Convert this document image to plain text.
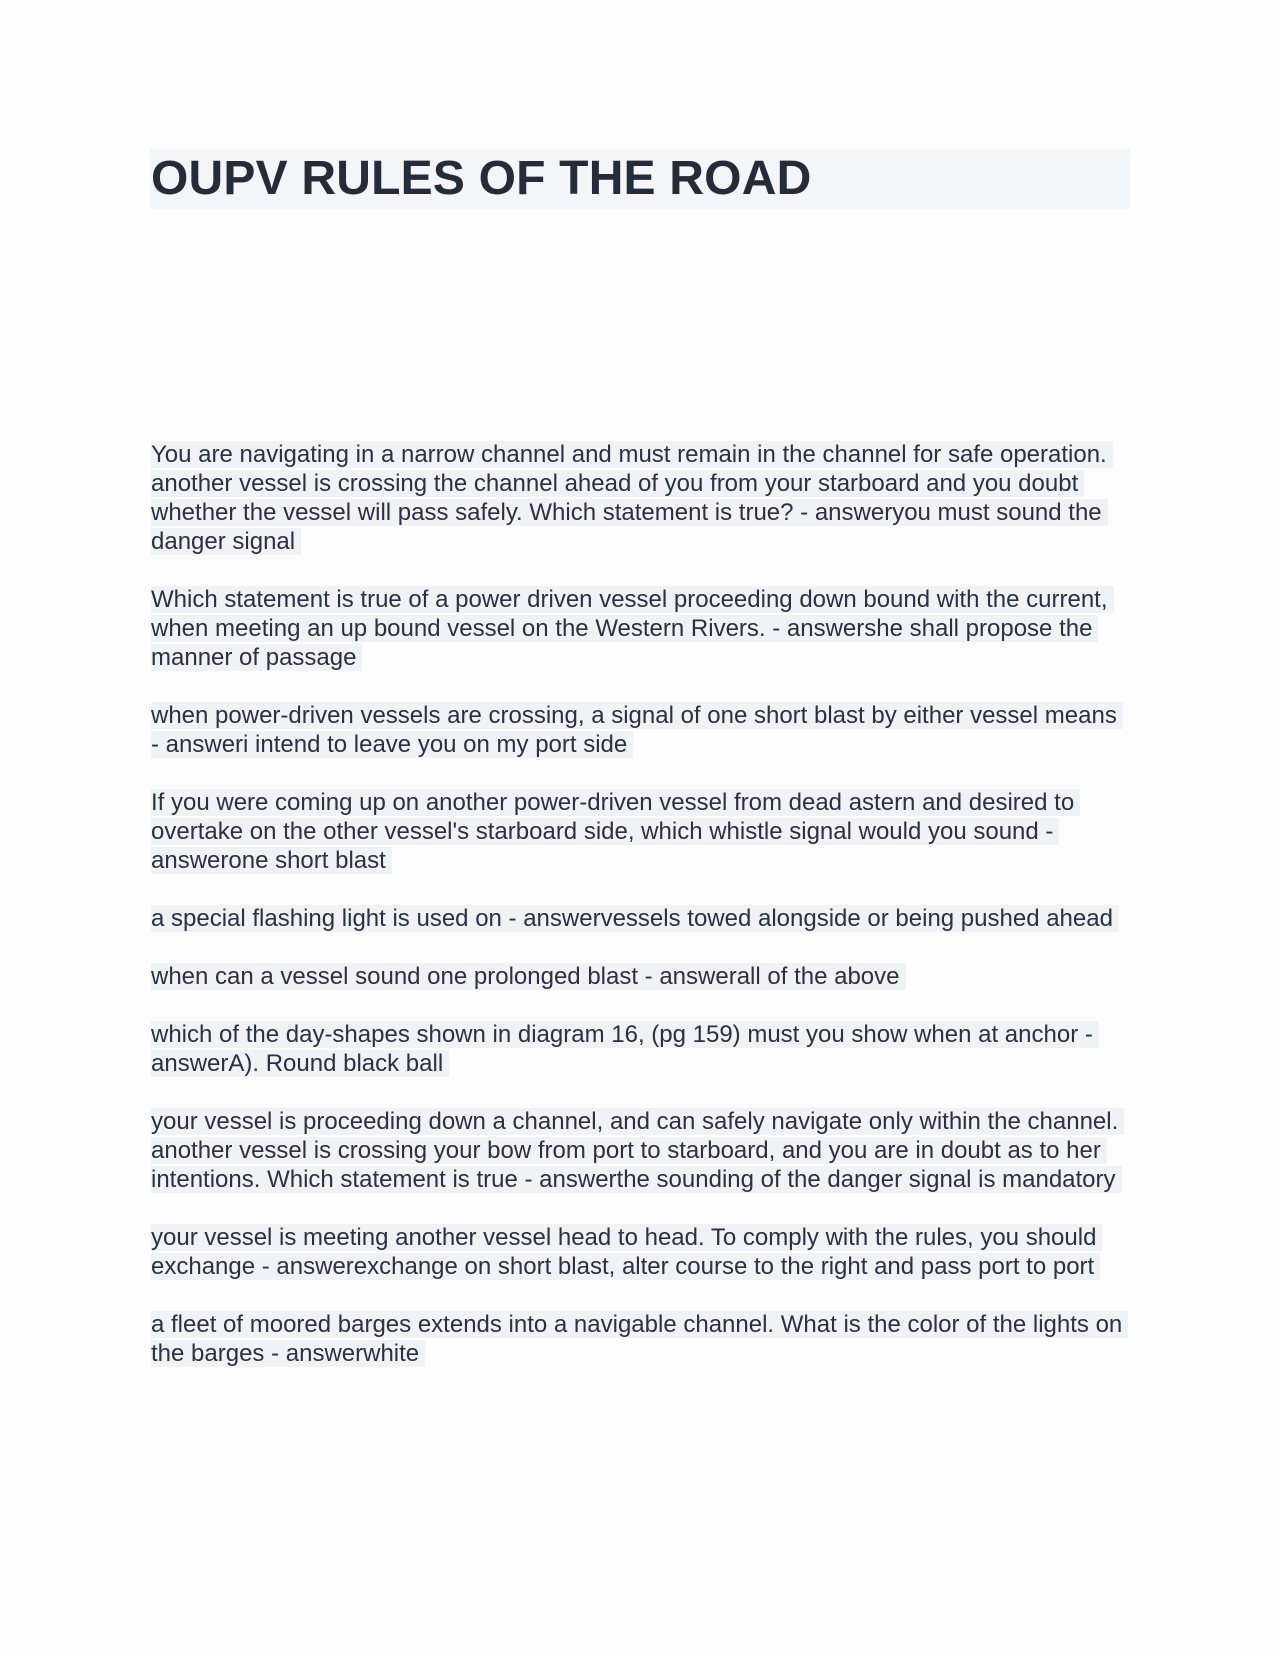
OUPV RULES OF THE ROAD

You are navigating in a narrow channel and must remain in the channel for safe operation. another vessel is crossing the channel ahead of you from your starboard and you doubt whether the vessel will pass safely. Which statement is true? - answeryou must sound the danger signal

Which statement is true of a power driven vessel proceeding down bound with the current, when meeting an up bound vessel on the Western Rivers. - answershe shall propose the manner of passage

when power-driven vessels are crossing, a signal of one short blast by either vessel means - answeri intend to leave you on my port side

If you were coming up on another power-driven vessel from dead astern and desired to overtake on the other vessel's starboard side, which whistle signal would you sound - answerone short blast

a special flashing light is used on - answervessels towed alongside or being pushed ahead

when can a vessel sound one prolonged blast - answerall of the above

which of the day-shapes shown in diagram 16, (pg 159) must you show when at anchor - answerA). Round black ball

your vessel is proceeding down a channel, and can safely navigate only within the channel. another vessel is crossing your bow from port to starboard, and you are in doubt as to her intentions. Which statement is true - answerthe sounding of the danger signal is mandatory

your vessel is meeting another vessel head to head. To comply with the rules, you should exchange - answerexchange on short blast, alter course to the right and pass port to port

a fleet of moored barges extends into a navigable channel. What is the color of the lights on the barges - answerwhite
